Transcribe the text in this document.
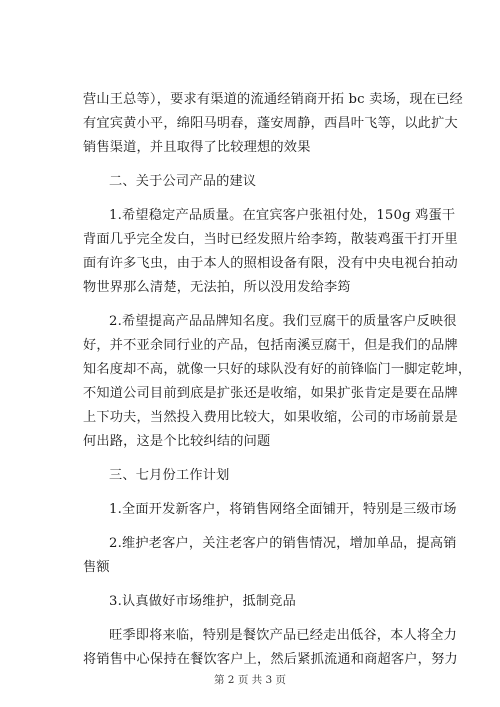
营山王总等），要求有渠道的流通经销商开拓 bc 卖场，现在已经
有宜宾黄小平，绵阳马明春，蓬安周静，西昌叶飞等，以此扩大
销售渠道，并且取得了比较理想的效果

二、关于公司产品的建议

1.希望稳定产品质量。在宜宾客户张祖付处，150g 鸡蛋干
背面几乎完全发白，当时已经发照片给李筠，散装鸡蛋干打开里
面有许多飞虫，由于本人的照相设备有限，没有中央电视台拍动
物世界那么清楚，无法拍，所以没用发给李筠

2.希望提高产品品牌知名度。我们豆腐干的质量客户反映很
好，并不亚余同行业的产品，包括南溪豆腐干，但是我们的品牌
知名度却不高，就像一只好的球队没有好的前锋临门一脚定乾坤，
不知道公司目前到底是扩张还是收缩，如果扩张肯定是要在品牌
上下功夫，当然投入费用比较大，如果收缩，公司的市场前景是
何出路，这是个比较纠结的问题

三、七月份工作计划

1.全面开发新客户，将销售网络全面铺开，特别是三级市场

2.维护老客户，关注老客户的销售情况，增加单品，提高销
售额

3.认真做好市场维护，抵制竞品

旺季即将来临，特别是餐饮产品已经走出低谷，本人将全力
将销售中心保持在餐饮客户上，然后紧抓流通和商超客户，努力

第 2 页 共 3 页
